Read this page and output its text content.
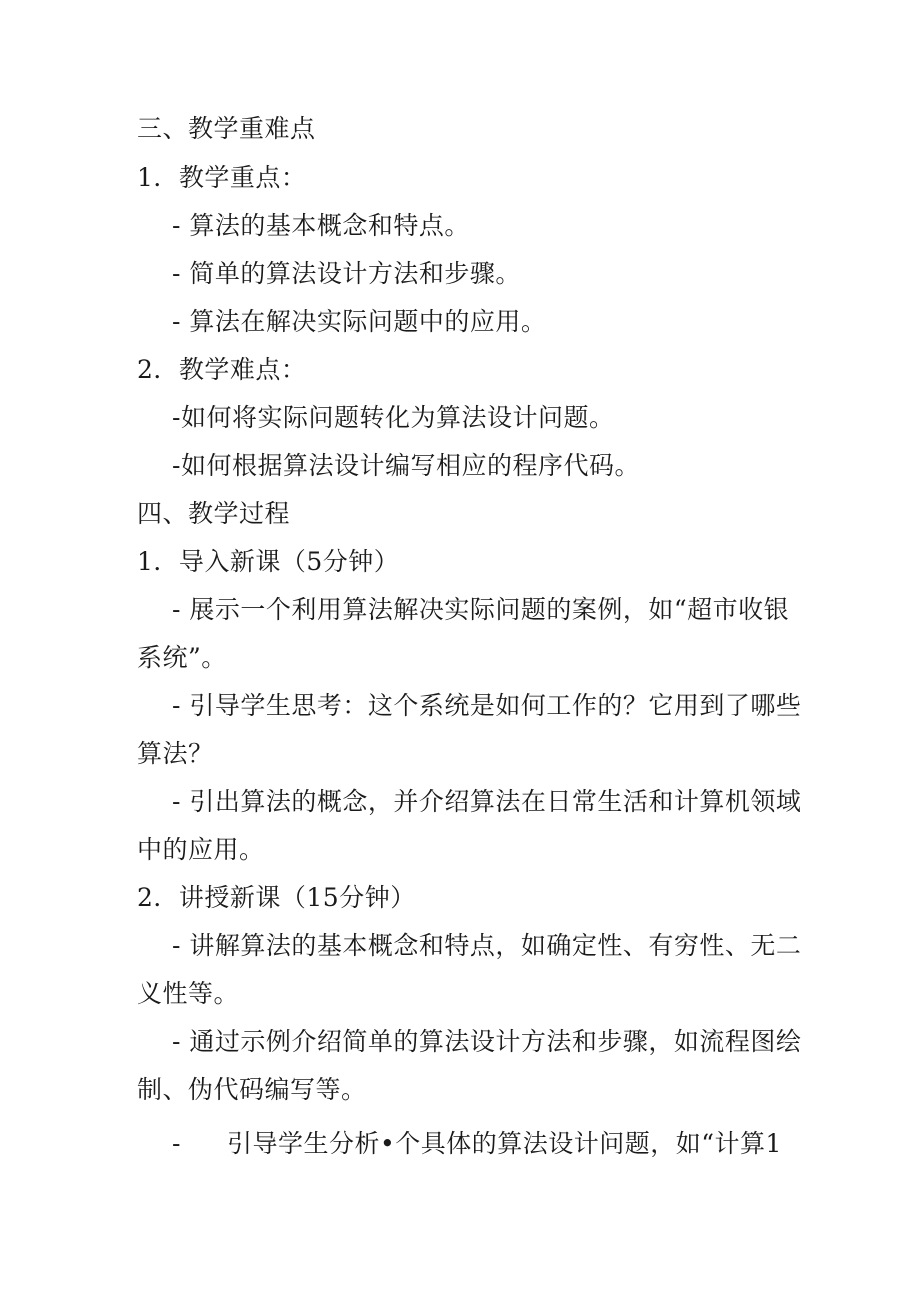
三、教学重难点
1．教学重点：
- 算法的基本概念和特点。
- 简单的算法设计方法和步骤。
- 算法在解决实际问题中的应用。
2．教学难点：
-如何将实际问题转化为算法设计问题。
-如何根据算法设计编写相应的程序代码。
四、教学过程
1．导入新课（5分钟）
- 展示一个利用算法解决实际问题的案例，如“超市收银
系统”。
- 引导学生思考：这个系统是如何工作的？它用到了哪些
算法？
- 引出算法的概念，并介绍算法在日常生活和计算机领域
中的应用。
2．讲授新课（15分钟）
- 讲解算法的基本概念和特点，如确定性、有穷性、无二
义性等。
- 通过示例介绍简单的算法设计方法和步骤，如流程图绘
制、伪代码编写等。
- 引导学生分析•个具体的算法设计问题，如“计算1
